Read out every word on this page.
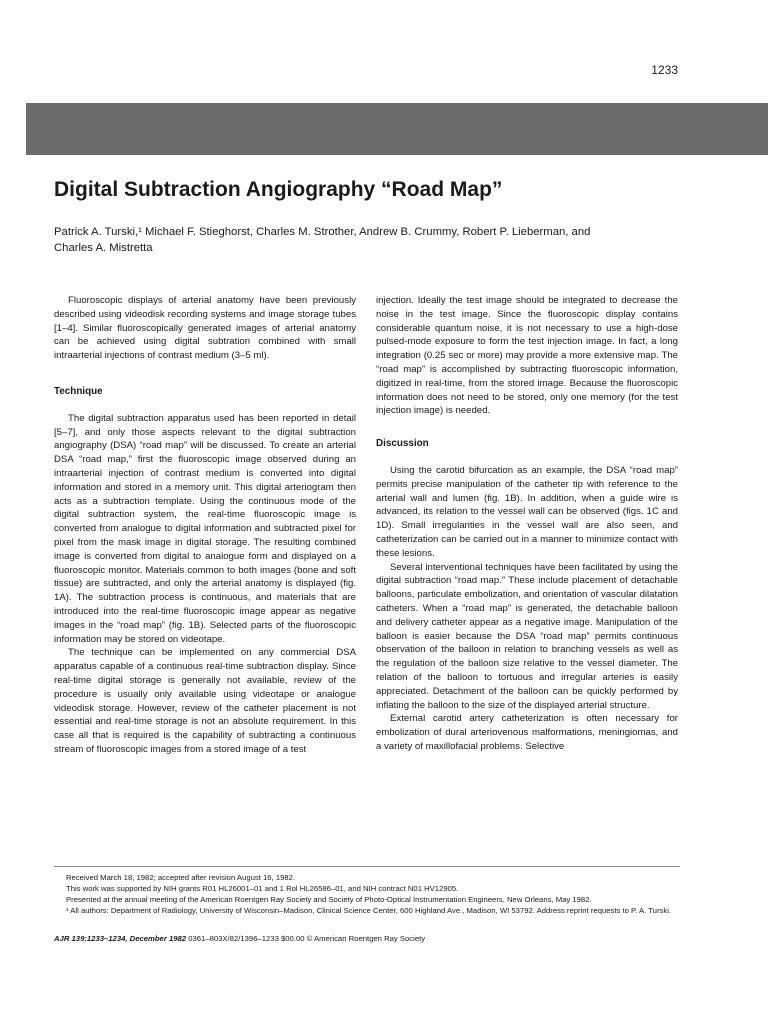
1233
Digital Subtraction Angiography “Road Map”
Patrick A. Turski,¹ Michael F. Stieghorst, Charles M. Strother, Andrew B. Crummy, Robert P. Lieberman, and
Charles A. Mistretta

Fluoroscopic displays of arterial anatomy have been previously described using videodisk recording systems and image storage tubes [1–4]. Similar fluoroscopically generated images of arterial anatomy can be achieved using digital subtration combined with small intraarterial injections of contrast medium (3–5 ml).

Technique

The digital subtraction apparatus used has been reported in detail [5–7], and only those aspects relevant to the digital subtraction angiography (DSA) “road map” will be discussed. To create an arterial DSA “road map,” first the fluoroscopic image observed during an intraarterial injection of contrast medium is converted into digital information and stored in a memory unit. This digital arteriogram then acts as a subtraction template. Using the continuous mode of the digital subtraction system, the real-time fluoroscopic image is converted from analogue to digital information and subtracted pixel for pixel from the mask image in digital storage. The resulting combined image is converted from digital to analogue form and displayed on a fluoroscopic monitor. Materials common to both images (bone and soft tissue) are subtracted, and only the arterial anatomy is displayed (fig. 1A). The subtraction process is continuous, and materials that are introduced into the real-time fluoroscopic image appear as negative images in the “road map” (fig. 1B). Selected parts of the fluoroscopic information may be stored on videotape.

The technique can be implemented on any commercial DSA apparatus capable of a continuous real-time subtraction display. Since real-time digital storage is generally not available, review of the procedure is usually only available using videotape or analogue videodisk storage. However, review of the catheter placement is not essential and real-time storage is not an absolute requirement. In this case all that is required is the capability of subtracting a continuous stream of fluoroscopic images from a stored image of a test

injection. Ideally the test image should be integrated to decrease the noise in the test image. Since the fluoroscopic display contains considerable quantum noise, it is not necessary to use a high-dose pulsed-mode exposure to form the test injection image. In fact, a long integration (0.25 sec or more) may provide a more extensive map. The “road map” is accomplished by subtracting fluoroscopic information, digitized in real-time, from the stored image. Because the fluoroscopic information does not need to be stored, only one memory (for the test injection image) is needed.

Discussion

Using the carotid bifurcation as an example, the DSA “road map” permits precise manipulation of the catheter tip with reference to the arterial wall and lumen (fig. 1B). In addition, when a guide wire is advanced, its relation to the vessel wall can be observed (figs. 1C and 1D). Small irregularities in the vessel wall are also seen, and catheterization can be carried out in a manner to minimize contact with these lesions.

Several interventional techniques have been facilitated by using the digital subtraction “road map.” These include placement of detachable balloons, particulate embolization, and orientation of vascular dilatation catheters. When a “road map” is generated, the detachable balloon and delivery catheter appear as a negative image. Manipulation of the balloon is easier because the DSA “road map” permits continuous observation of the balloon in relation to branching vessels as well as the regulation of the balloon size relative to the vessel diameter. The relation of the balloon to tortuous and irregular arteries is easily appreciated. Detachment of the balloon can be quickly performed by inflating the balloon to the size of the displayed arterial structure.

External carotid artery catheterization is often necessary for embolization of dural arteriovenous malformations, meningiomas, and a variety of maxillofacial problems. Selective

Received March 18, 1982; accepted after revision August 16, 1982.

This work was supported by NIH grants R01 HL26001–01 and 1 Rol HL26586–01, and NIH contract N01 HV12905.

Presented at the annual meeting of the American Roentgen Ray Society and Society of Photo-Optical Instrumentation Engineers, New Orleans, May 1982.

¹ All authors: Department of Radiology, University of Wisconsin–Madison, Clinical Science Center, 600 Highland Ave., Madison, WI 53792. Address reprint requests to P. A. Turski.

AJR 139:1233–1234, December 1982 0361–803X/82/1396–1233 $00.00 © American Roentgen Ray Society
